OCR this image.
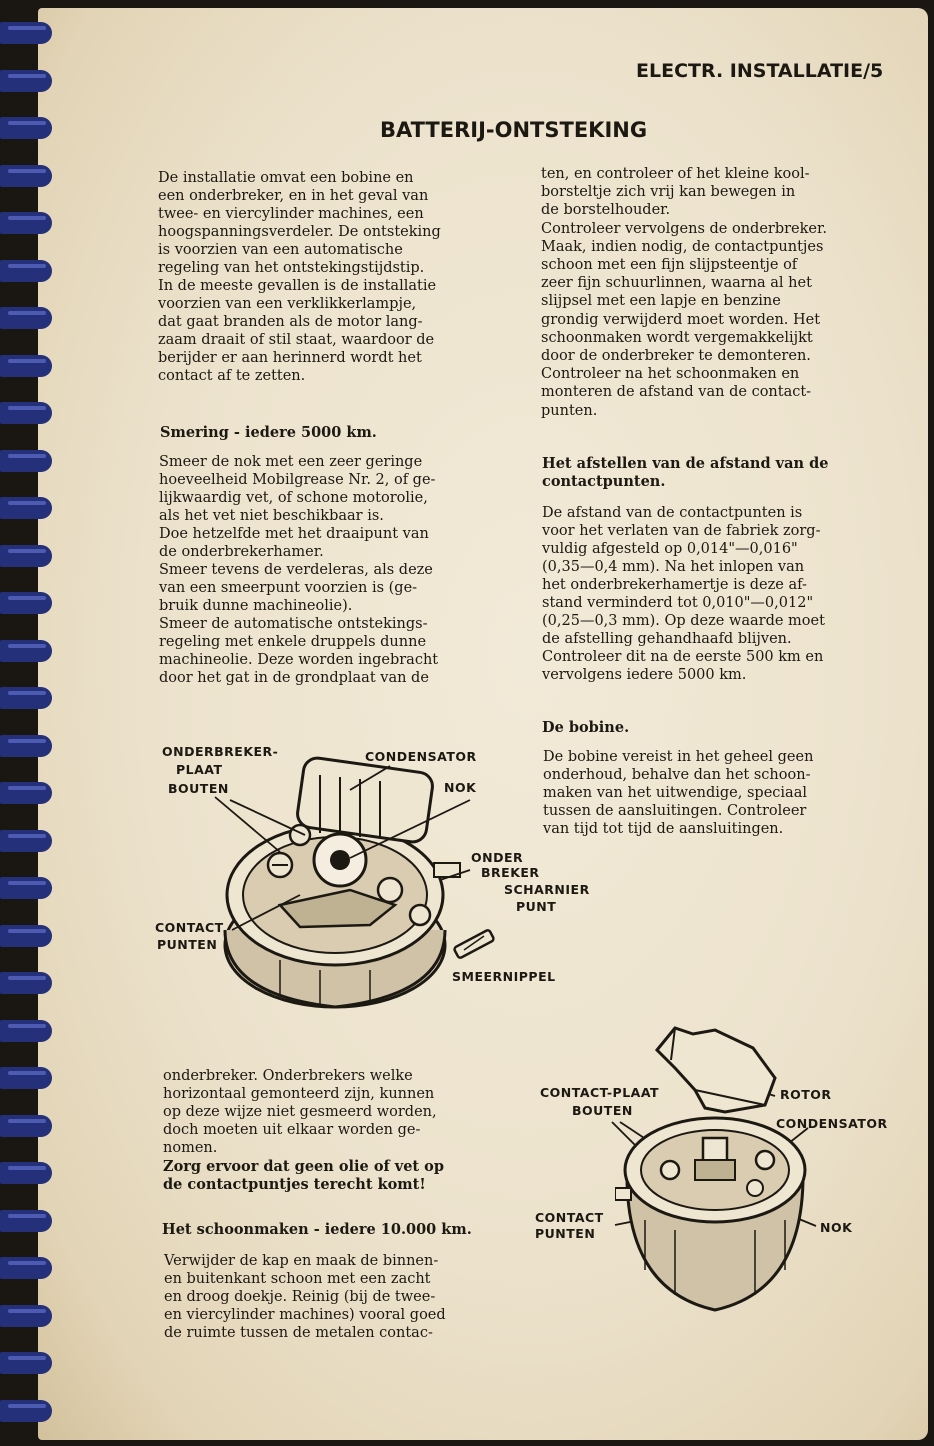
ELECTR. INSTALLATIE/5
BATTERIJ-ONTSTEKING
De installatie omvat een bobine en
een onderbreker, en in het geval van
twee- en viercylinder machines, een
hoogspanningsverdeler. De ontsteking
is voorzien van een automatische
regeling van het ontstekingstijdstip.
In de meeste gevallen is de installatie
voorzien van een verklikkerlampje,
dat gaat branden als de motor lang-
zaam draait of stil staat, waardoor de
berijder er aan herinnerd wordt het
contact af te zetten.
Smering - iedere 5000 km.
Smeer de nok met een zeer geringe
hoeveelheid Mobilgrease Nr. 2, of ge-
lijkwaardig vet, of schone motorolie,
als het vet niet beschikbaar is.
Doe hetzelfde met het draaipunt van
de onderbrekerhamer.
Smeer tevens de verdeleras, als deze
van een smeerpunt voorzien is (ge-
bruik dunne machineolie).
Smeer de automatische ontstekings-
regeling met enkele druppels dunne
machineolie. Deze worden ingebracht
door het gat in de grondplaat van de
onderbreker. Onderbrekers welke
horizontaal gemonteerd zijn, kunnen
op deze wijze niet gesmeerd worden,
doch moeten uit elkaar worden ge-
nomen.
Zorg ervoor dat geen olie of vet op
de contactpuntjes terecht komt!
Het schoonmaken - iedere 10.000 km.
Verwijder de kap en maak de binnen-
en buitenkant schoon met een zacht
en droog doekje. Reinig (bij de twee-
en viercylinder machines) vooral goed
de ruimte tussen de metalen contac-
ten, en controleer of het kleine kool-
borsteltje zich vrij kan bewegen in
de borstelhouder.
Controleer vervolgens de onderbreker.
Maak, indien nodig, de contactpuntjes
schoon met een fijn slijpsteentje of
zeer fijn schuurlinnen, waarna al het
slijpsel met een lapje en benzine
grondig verwijderd moet worden. Het
schoonmaken wordt vergemakkelijkt
door de onderbreker te demonteren.
Controleer na het schoonmaken en
monteren de afstand van de contact-
punten.
Het afstellen van de afstand van de
contactpunten.
De afstand van de contactpunten is
voor het verlaten van de fabriek zorg-
vuldig afgesteld op 0,014"—0,016"
(0,35—0,4 mm). Na het inlopen van
het onderbrekerhamertje is deze af-
stand verminderd tot 0,010"—0,012"
(0,25—0,3 mm). Op deze waarde moet
de afstelling gehandhaafd blijven.
Controleer dit na de eerste 500 km en
vervolgens iedere 5000 km.
De bobine.
De bobine vereist in het geheel geen
onderhoud, behalve dan het schoon-
maken van het uitwendige, speciaal
tussen de aansluitingen. Controleer
van tijd tot tijd de aansluitingen.
ONDERBREKER-
PLAAT
BOUTEN
CONDENSATOR
NOK
ONDER
BREKER
SCHARNIER
PUNT
CONTACT
PUNTEN
SMEERNIPPEL
CONTACT-PLAAT
BOUTEN
ROTOR
CONDENSATOR
CONTACT
PUNTEN	NOK
